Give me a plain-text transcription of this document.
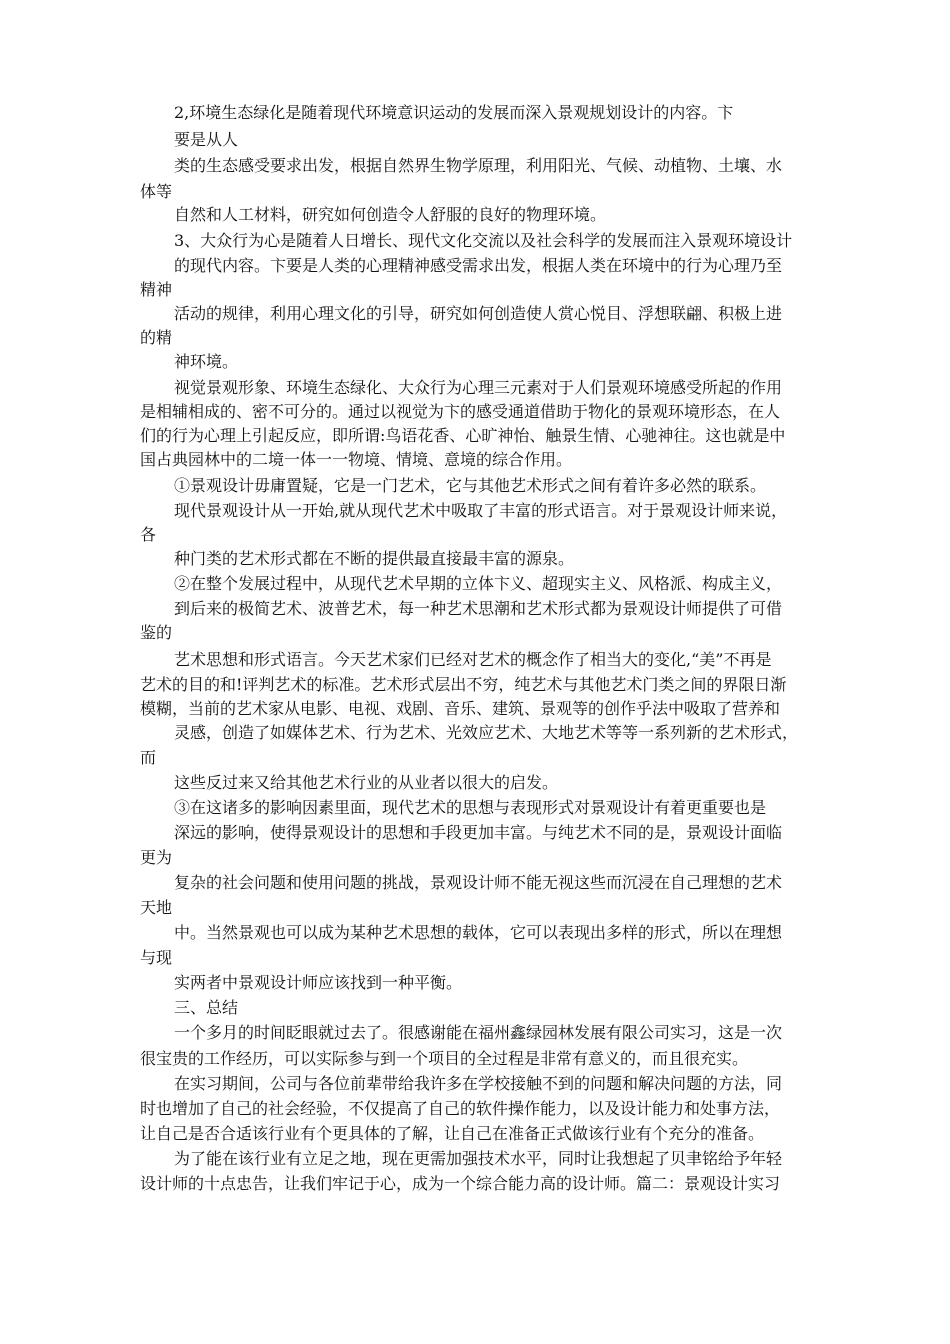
2,环境生态绿化是随着现代环境意识运动的发展而深入景观规划设计的内容。卞
要是从人
类的生态感受要求出发，根据自然界生物学原理，利用阳光、气候、动植物、土壤、水
体等
自然和人工材料，研究如何创造令人舒服的良好的物理环境。
3、大众行为心是随着人日增长、现代文化交流以及社会科学的发展而注入景观环境设计
的现代内容。卞要是人类的心理精神感受需求出发，根据人类在环境中的行为心理乃至
精神
活动的规律，利用心理文化的引导，研究如何创造使人赏心悦目、浮想联翩、积极上进
的精
神环境。
视觉景观形象、环境生态绿化、大众行为心理三元素对于人们景观环境感受所起的作用
是相辅相成的、密不可分的。通过以视觉为卞的感受通道借助于物化的景观环境形态，在人
们的行为心理上引起反应，即所谓:鸟语花香、心旷神怡、触景生情、心驰神往。这也就是中
国占典园林中的二境一体一一物境、情境、意境的综合作用。
①景观设计毋庸置疑，它是一门艺术，它与其他艺术形式之间有着许多必然的联系。
现代景观设计从一开始,就从现代艺术中吸取了丰富的形式语言。对于景观设计师来说，
各
种门类的艺术形式都在不断的提供最直接最丰富的源泉。
②在整个发展过程中，从现代艺术早期的立体卞义、超现实主义、风格派、构成主义，
到后来的极简艺术、波普艺术，每一种艺术思潮和艺术形式都为景观设计师提供了可借
鉴的
艺术思想和形式语言。今天艺术家们已经对艺术的概念作了相当大的变化,“美”不再是
艺术的目的和!评判艺术的标准。艺术形式层出不穷，纯艺术与其他艺术门类之间的界限日渐
模糊，当前的艺术家从电影、电视、戏剧、音乐、建筑、景观等的创作乎法中吸取了营养和
灵感，创造了如媒体艺术、行为艺术、光效应艺术、大地艺术等等一系列新的艺术形式，
而
这些反过来又给其他艺术行业的从业者以很大的启发。
③在这诸多的影响因素里面，现代艺术的思想与表现形式对景观设计有着更重要也是
深远的影响，使得景观设计的思想和手段更加丰富。与纯艺术不同的是，景观设计面临
更为
复杂的社会问题和使用问题的挑战，景观设计师不能无视这些而沉浸在自己理想的艺术
天地
中。当然景观也可以成为某种艺术思想的载体，它可以表现出多样的形式，所以在理想
与现
实两者中景观设计师应该找到一种平衡。
三、总结
一个多月的时间眨眼就过去了。很感谢能在福州鑫绿园林发展有限公司实习，这是一次
很宝贵的工作经历，可以实际参与到一个项目的全过程是非常有意义的，而且很充实。
在实习期间，公司与各位前辈带给我许多在学校接触不到的问题和解决问题的方法，同
时也增加了自己的社会经验，不仅提高了自己的软件操作能力，以及设计能力和处事方法，
让自己是否合适该行业有个更具体的了解，让自己在准备正式做该行业有个充分的准备。
为了能在该行业有立足之地，现在更需加强技术水平，同时让我想起了贝聿铭给予年轻
设计师的十点忠告，让我们牢记于心，成为一个综合能力高的设计师。篇二：景观设计实习
